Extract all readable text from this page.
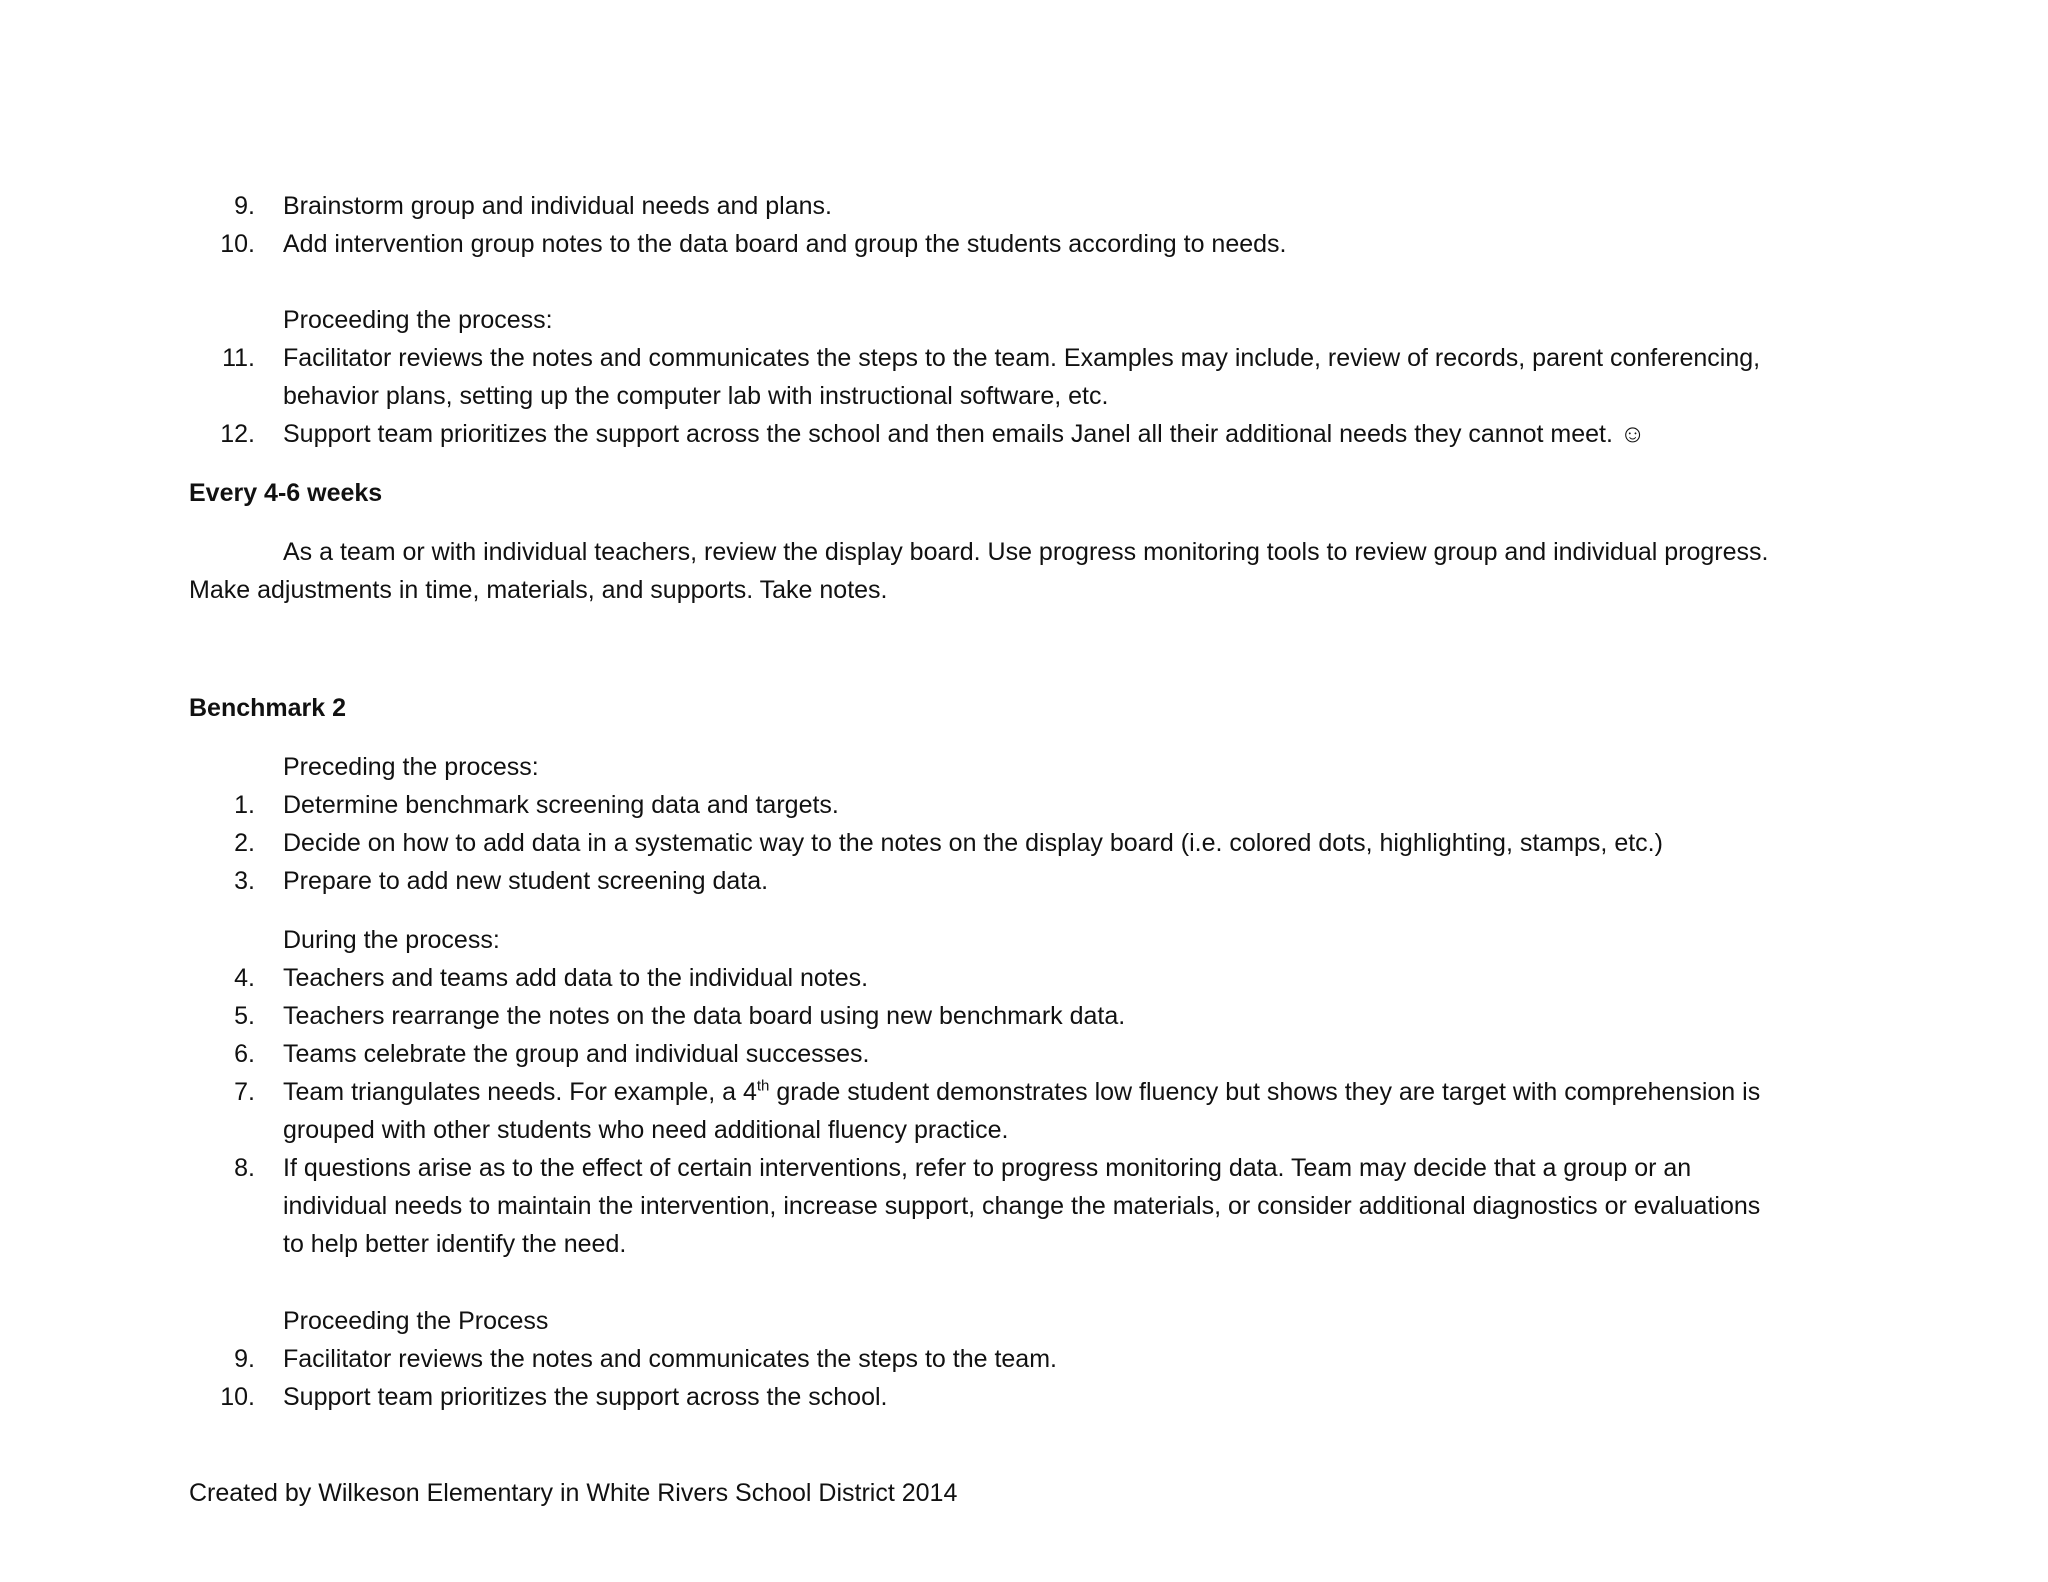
9. Brainstorm group and individual needs and plans.
10. Add intervention group notes to the data board and group the students according to needs.
Proceeding the process:
11. Facilitator reviews the notes and communicates the steps to the team. Examples may include, review of records, parent conferencing,
behavior plans, setting up the computer lab with instructional software, etc.
12. Support team prioritizes the support across the school and then emails Janel all their additional needs they cannot meet. ☺
Every 4-6 weeks
As a team or with individual teachers, review the display board. Use progress monitoring tools to review group and individual progress.
Make adjustments in time, materials, and supports. Take notes.
Benchmark 2
Preceding the process:
1. Determine benchmark screening data and targets.
2. Decide on how to add data in a systematic way to the notes on the display board (i.e. colored dots, highlighting, stamps, etc.)
3. Prepare to add new student screening data.
During the process:
4. Teachers and teams add data to the individual notes.
5. Teachers rearrange the notes on the data board using new benchmark data.
6. Teams celebrate the group and individual successes.
7. Team triangulates needs. For example, a 4th grade student demonstrates low fluency but shows they are target with comprehension is
grouped with other students who need additional fluency practice.
8. If questions arise as to the effect of certain interventions, refer to progress monitoring data. Team may decide that a group or an
individual needs to maintain the intervention, increase support, change the materials, or consider additional diagnostics or evaluations
to help better identify the need.
Proceeding the Process
9. Facilitator reviews the notes and communicates the steps to the team.
10. Support team prioritizes the support across the school.
Created by Wilkeson Elementary in White Rivers School District 2014
